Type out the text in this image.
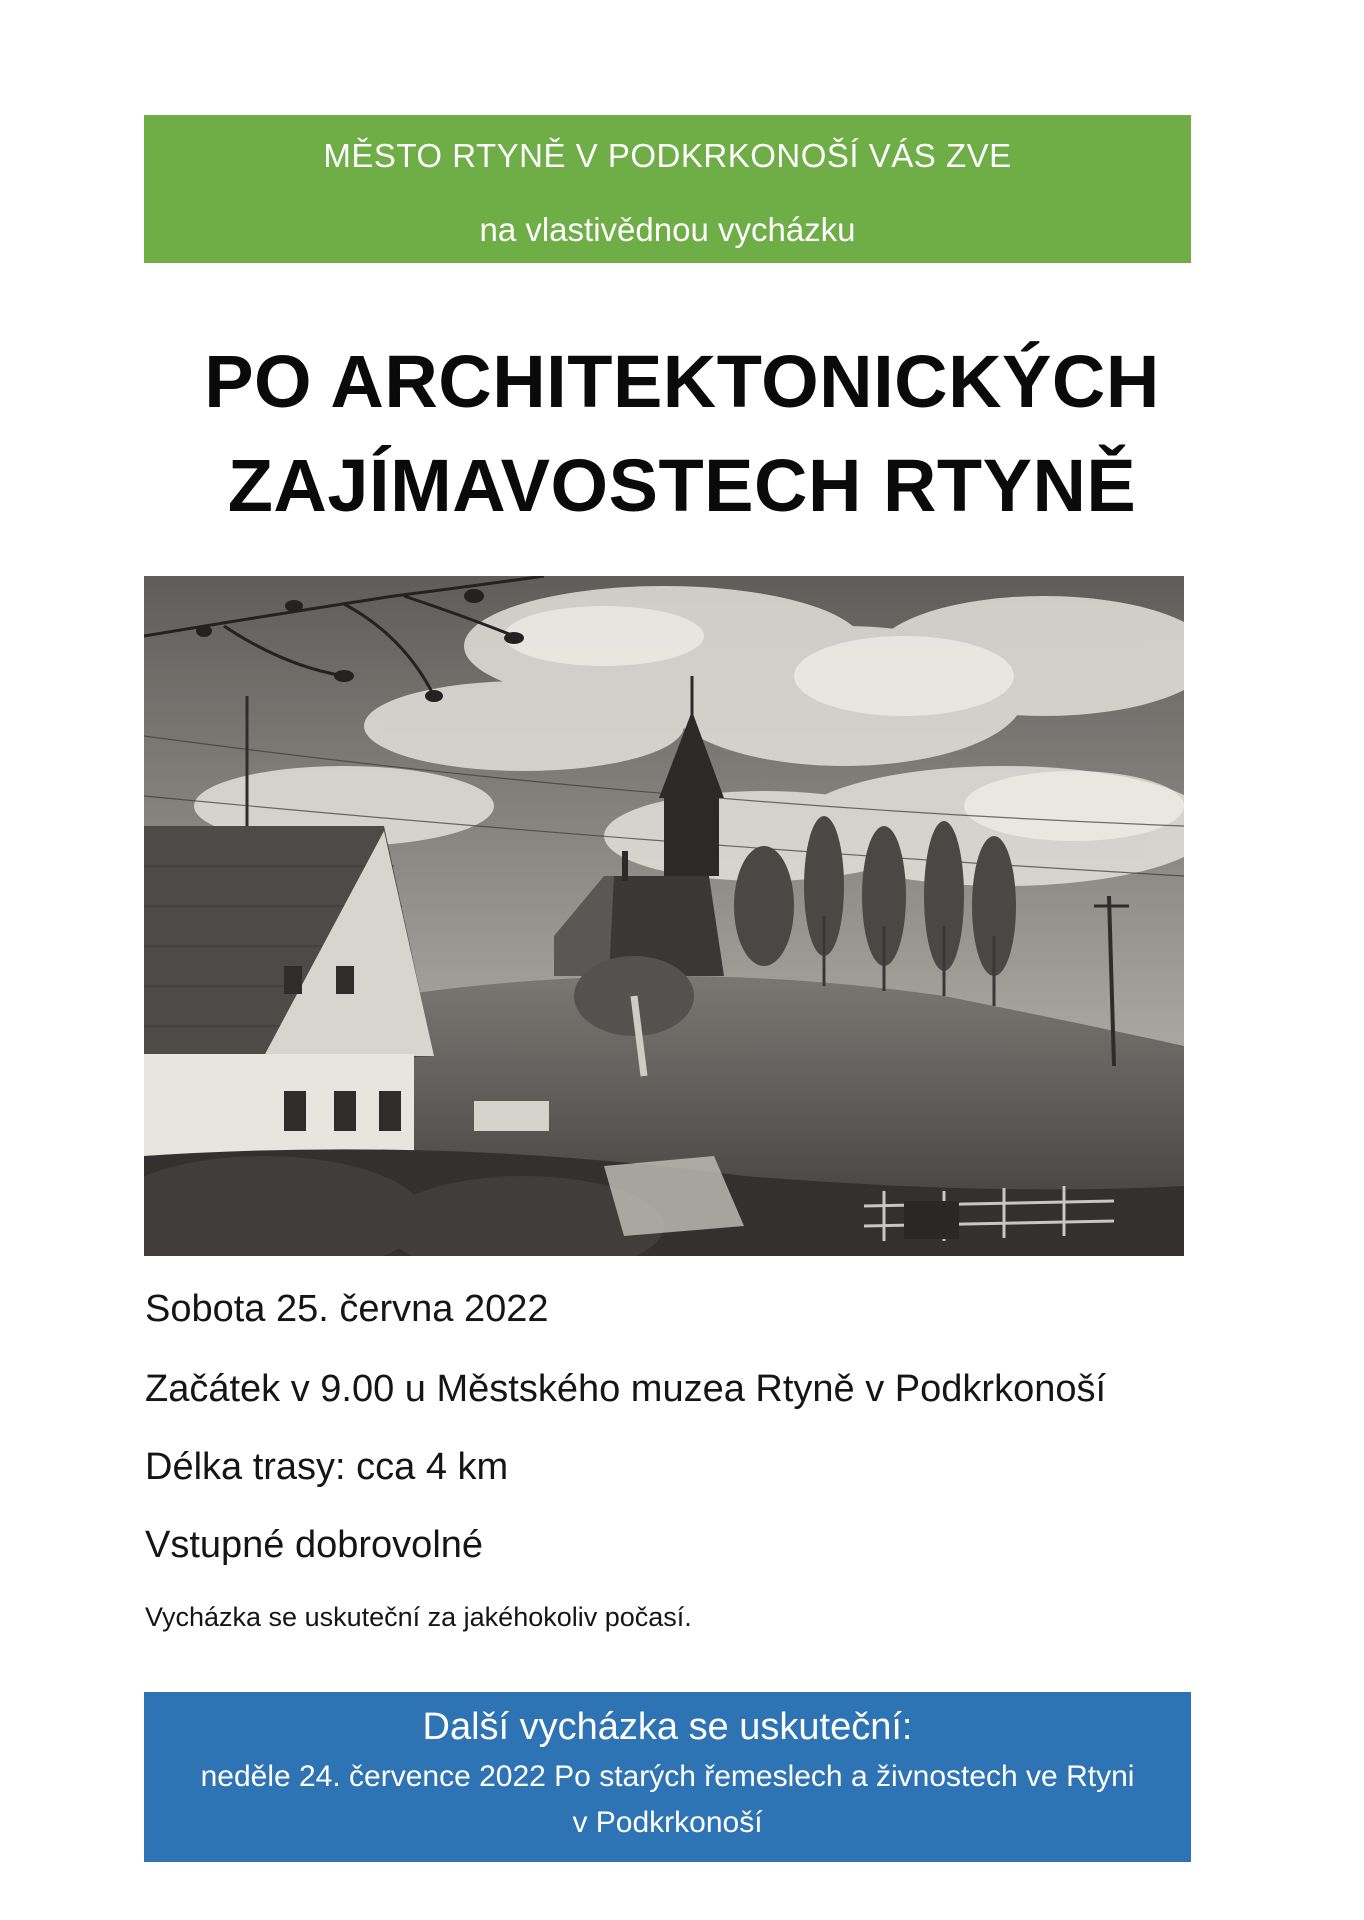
MĚSTO RTYNĚ V PODKRKONOŠÍ VÁS ZVE
na vlastivědnou vycházku
PO ARCHITEKTONICKÝCH
ZAJÍMAVOSTECH RTYNĚ
Sobota 25. června 2022
Začátek v 9.00 u Městského muzea Rtyně v Podkrkonoší
Délka trasy: cca 4 km
Vstupné dobrovolné
Vycházka se uskuteční za jakéhokoliv počasí.
Další vycházka se uskuteční:
neděle 24. července 2022 Po starých řemeslech a živnostech ve Rtyni
v Podkrkonoší
